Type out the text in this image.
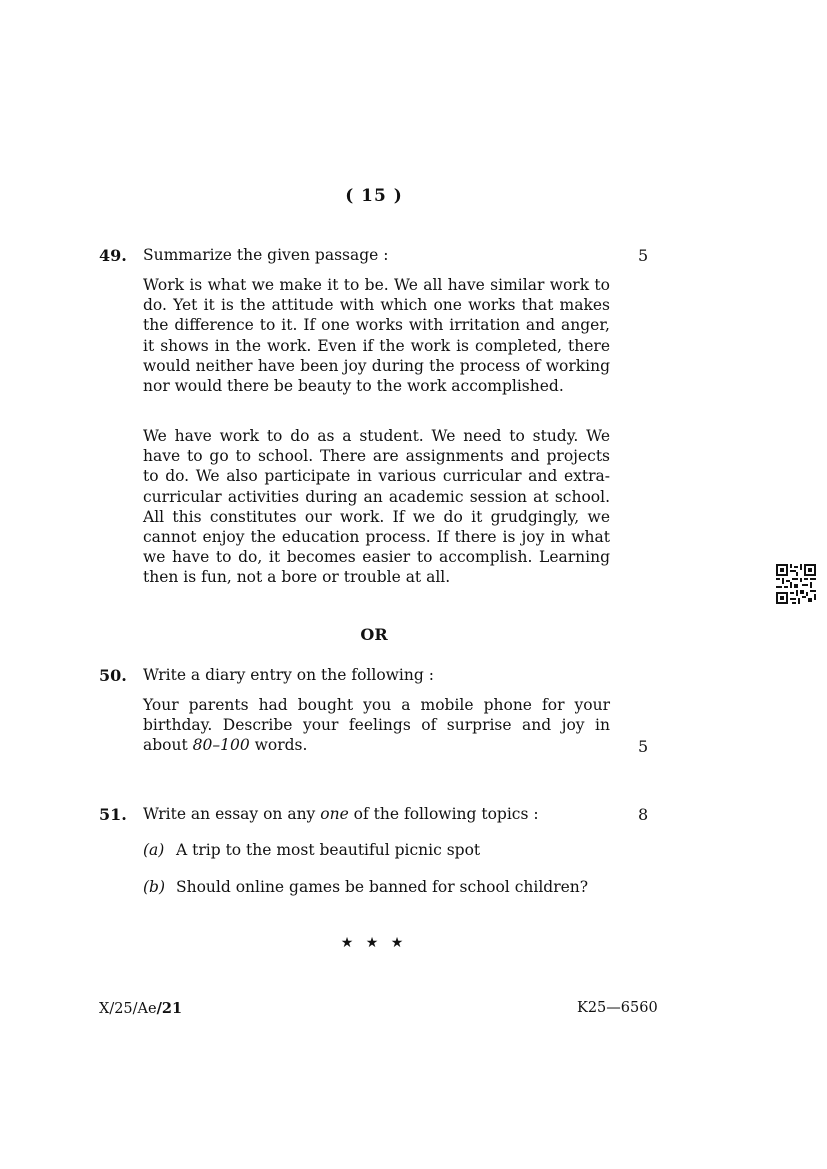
( 15 )
49. Summarize the given passage :	5
Work is what we make it to be. We all have similar work to do. Yet it is the attitude with which one works that makes the difference to it. If one works with irritation and anger, it shows in the work. Even if the work is completed, there would neither have been joy during the process of working nor would there be beauty to the work accomplished.
We have work to do as a student. We need to study. We have to go to school. There are assignments and projects to do. We also participate in various curricular and extra-curricular activities during an academic session at school. All this constitutes our work. If we do it grudgingly, we cannot enjoy the education process. If there is joy in what we have to do, it becomes easier to accomplish. Learning then is fun, not a bore or trouble at all.
OR
50. Write a diary entry on the following :
Your parents had bought you a mobile phone for your birthday. Describe your feelings of surprise and joy in about 80–100 words.	5
51. Write an essay on any one of the following topics :	8
(a) A trip to the most beautiful picnic spot
(b) Should online games be banned for school children?
★ ★ ★
X/25/Ae/21	K25—6560
